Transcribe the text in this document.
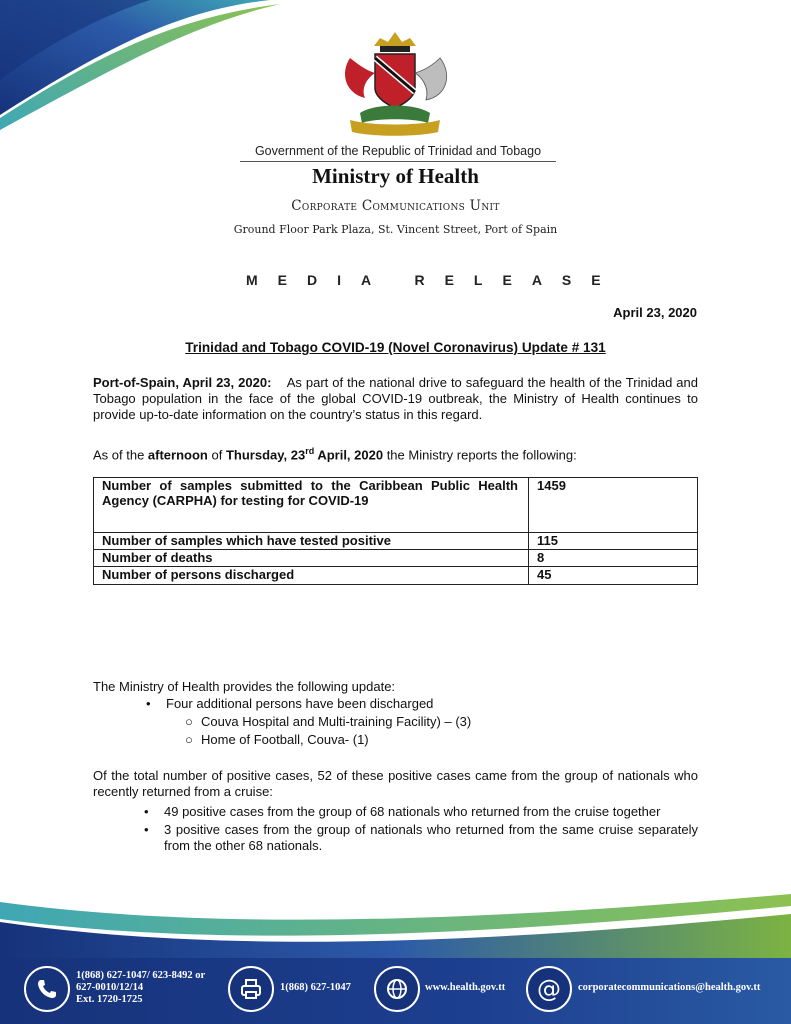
Government of the Republic of Trinidad and Tobago
Ministry of Health
Corporate Communications Unit
Ground Floor Park Plaza, St. Vincent Street, Port of Spain
MEDIA RELEASE
April 23, 2020
Trinidad and Tobago COVID-19 (Novel Coronavirus) Update # 131
Port-of-Spain, April 23, 2020: As part of the national drive to safeguard the health of the Trinidad and Tobago population in the face of the global COVID-19 outbreak, the Ministry of Health continues to provide up-to-date information on the country’s status in this regard.
As of the afternoon of Thursday, 23rd April, 2020 the Ministry reports the following:
Number of samples submitted to the Caribbean Public Health Agency (CARPHA) for testing for COVID-19	1459
Number of samples which have tested positive	115
Number of deaths	8
Number of persons discharged	45
The Ministry of Health provides the following update:
• Four additional persons have been discharged
○ Couva Hospital and Multi-training Facility) – (3)
○ Home of Football, Couva- (1)
Of the total number of positive cases, 52 of these positive cases came from the group of nationals who recently returned from a cruise:
• 49 positive cases from the group of 68 nationals who returned from the cruise together
• 3 positive cases from the group of nationals who returned from the same cruise separately from the other 68 nationals.
1(868) 627-1047/ 623-8492 or
627-0010/12/14
Ext. 1720-1725
1(868) 627-1047	www.health.gov.tt @ corporatecommunications@health.gov.tt
